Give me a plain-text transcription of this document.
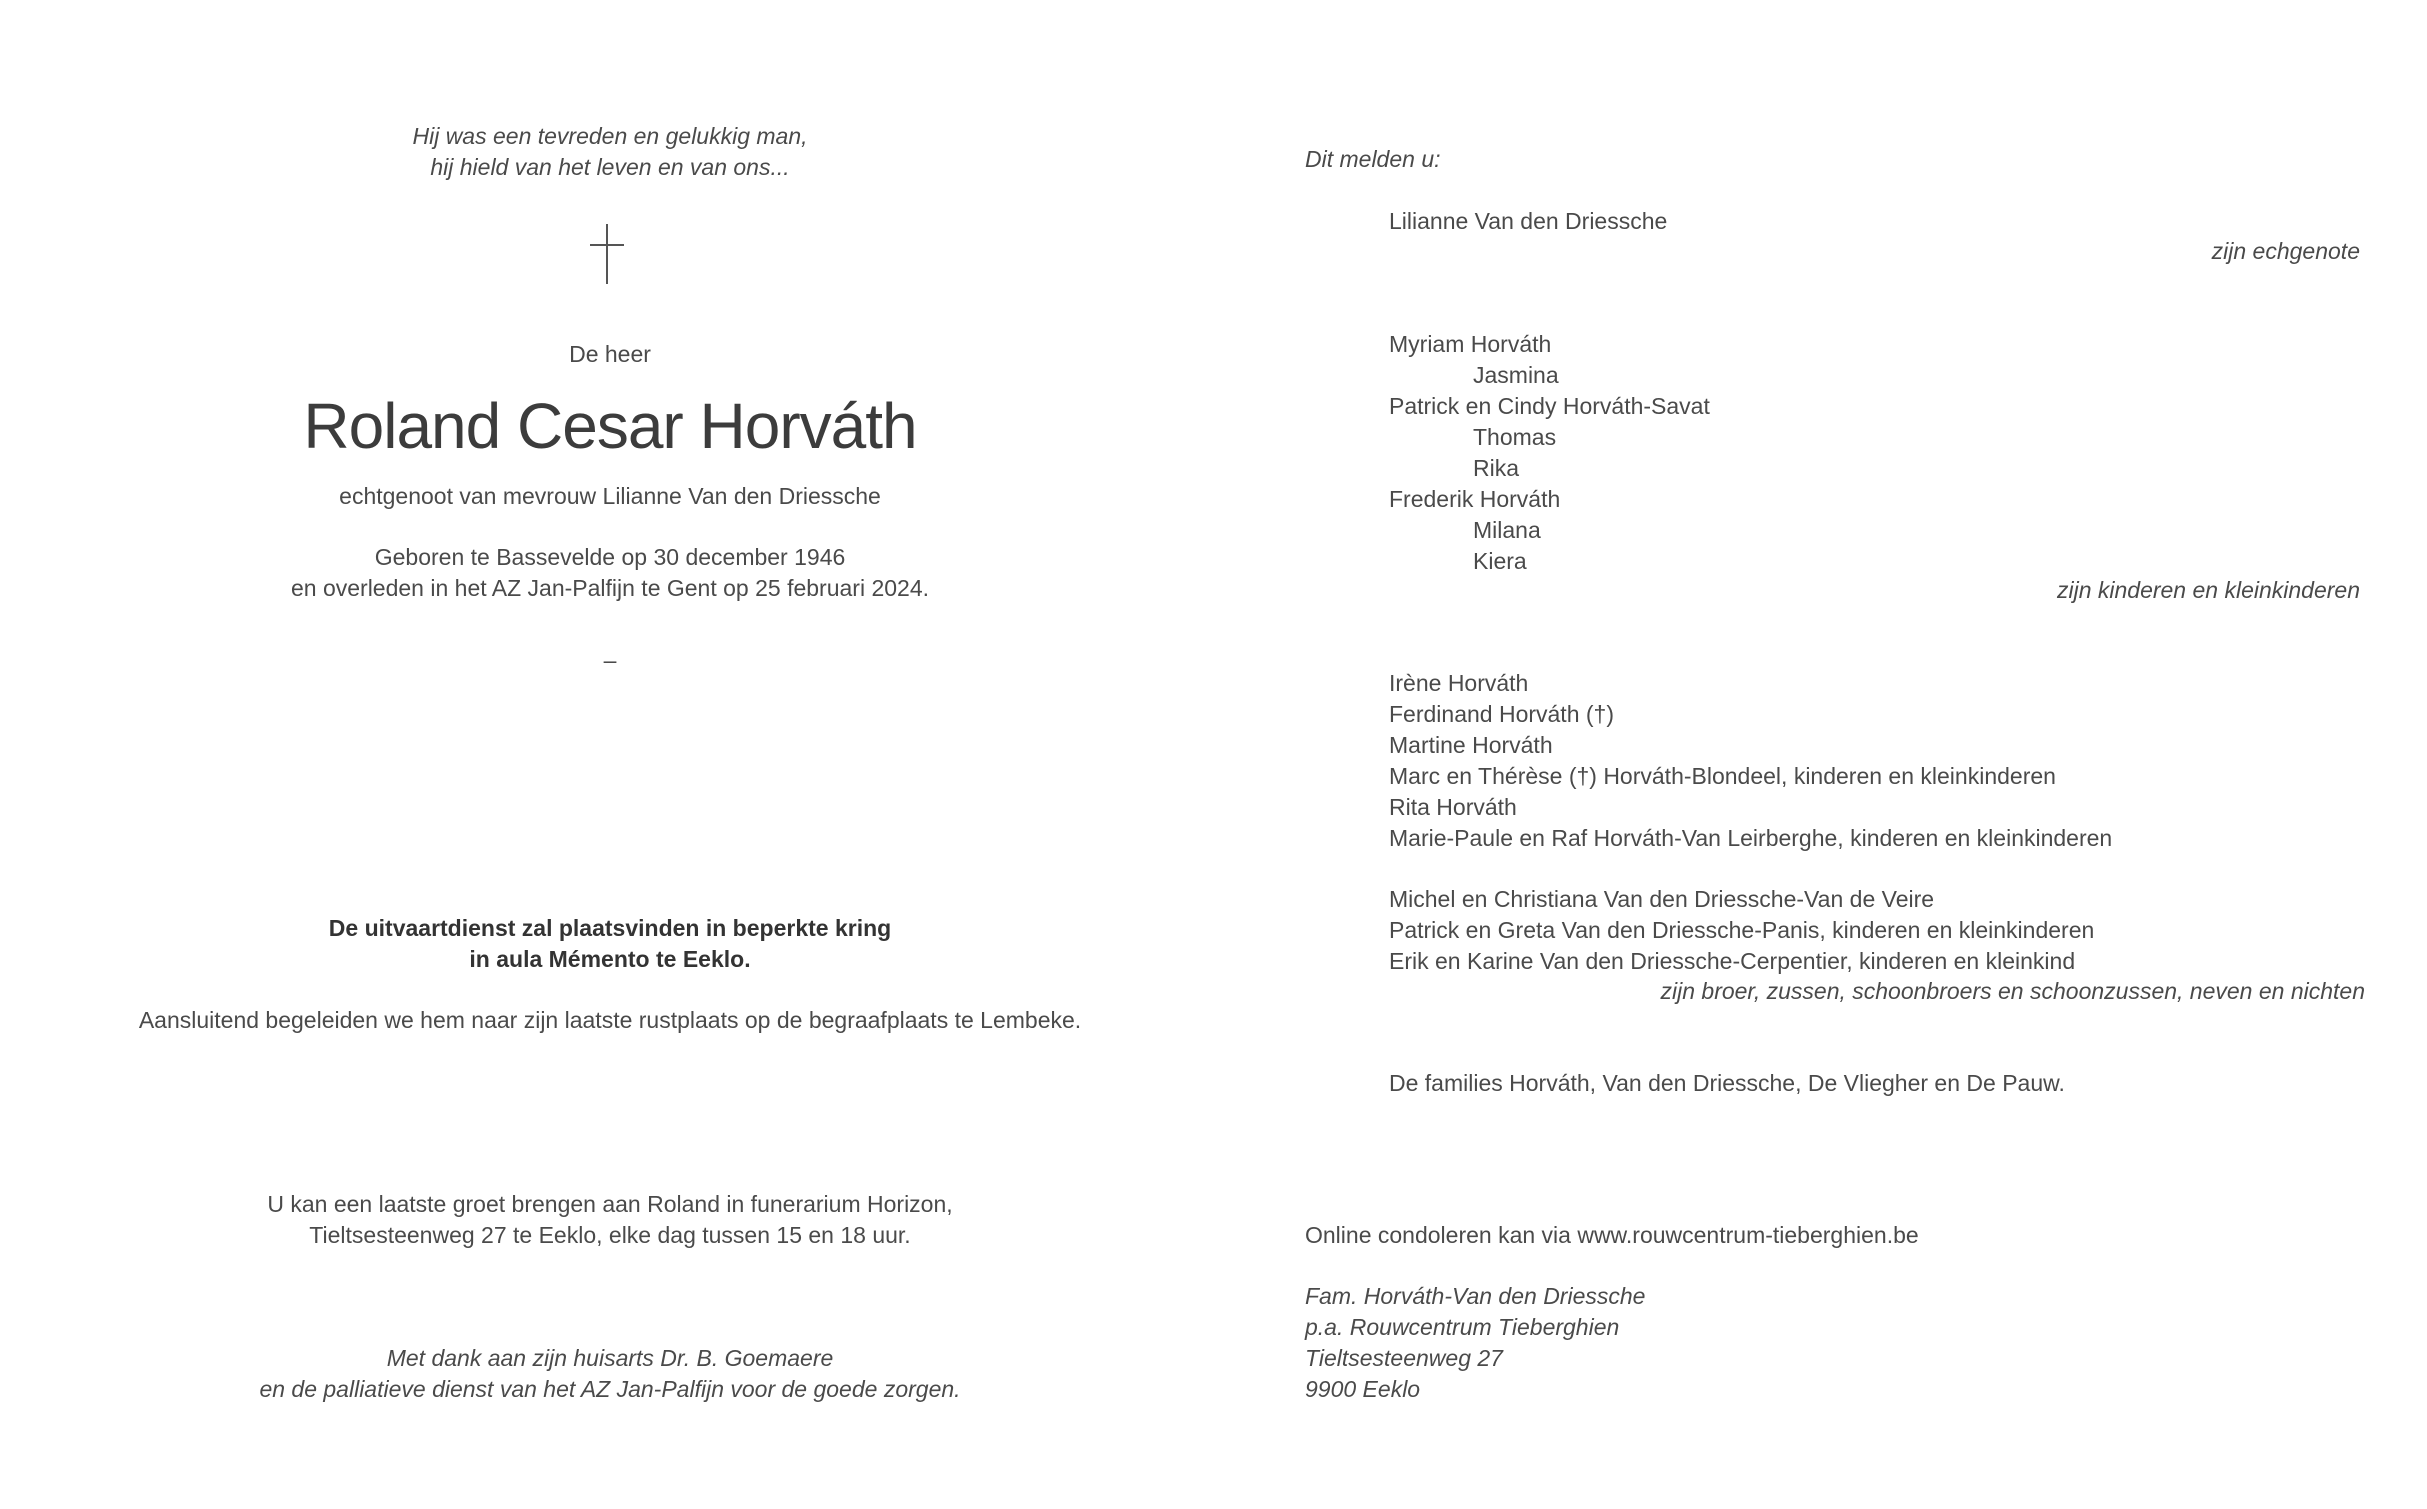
Hij was een tevreden en gelukkig man,
hij hield van het leven en van ons...
De heer
Roland Cesar Horváth
echtgenoot van mevrouw Lilianne Van den Driessche
Geboren te Bassevelde op 30 december 1946
en overleden in het AZ Jan-Palfijn te Gent op 25 februari 2024.
–
De uitvaartdienst zal plaatsvinden in beperkte kring
in aula Mémento te Eeklo.
Aansluitend begeleiden we hem naar zijn laatste rustplaats op de begraafplaats te Lembeke.
U kan een laatste groet brengen aan Roland in funerarium Horizon,
Tieltsesteenweg 27 te Eeklo, elke dag tussen 15 en 18 uur.
Met dank aan zijn huisarts Dr. B. Goemaere
en de palliatieve dienst van het AZ Jan-Palfijn voor de goede zorgen.
Dit melden u:
Lilianne Van den Driessche
zijn echgenote
Myriam Horváth
Jasmina
Patrick en Cindy Horváth-Savat
Thomas
Rika
Frederik Horváth
Milana
Kiera
zijn kinderen en kleinkinderen
Irène Horváth
Ferdinand Horváth (†)
Martine Horváth
Marc en Thérèse (†) Horváth-Blondeel, kinderen en kleinkinderen
Rita Horváth
Marie-Paule en Raf Horváth-Van Leirberghe, kinderen en kleinkinderen
Michel en Christiana Van den Driessche-Van de Veire
Patrick en Greta Van den Driessche-Panis, kinderen en kleinkinderen
Erik en Karine Van den Driessche-Cerpentier, kinderen en kleinkind
zijn broer, zussen, schoonbroers en schoonzussen, neven en nichten
De families Horváth, Van den Driessche, De Vliegher en De Pauw.
Online condoleren kan via www.rouwcentrum-tieberghien.be
Fam. Horváth-Van den Driessche
p.a. Rouwcentrum Tieberghien
Tieltsesteenweg 27
9900 Eeklo
